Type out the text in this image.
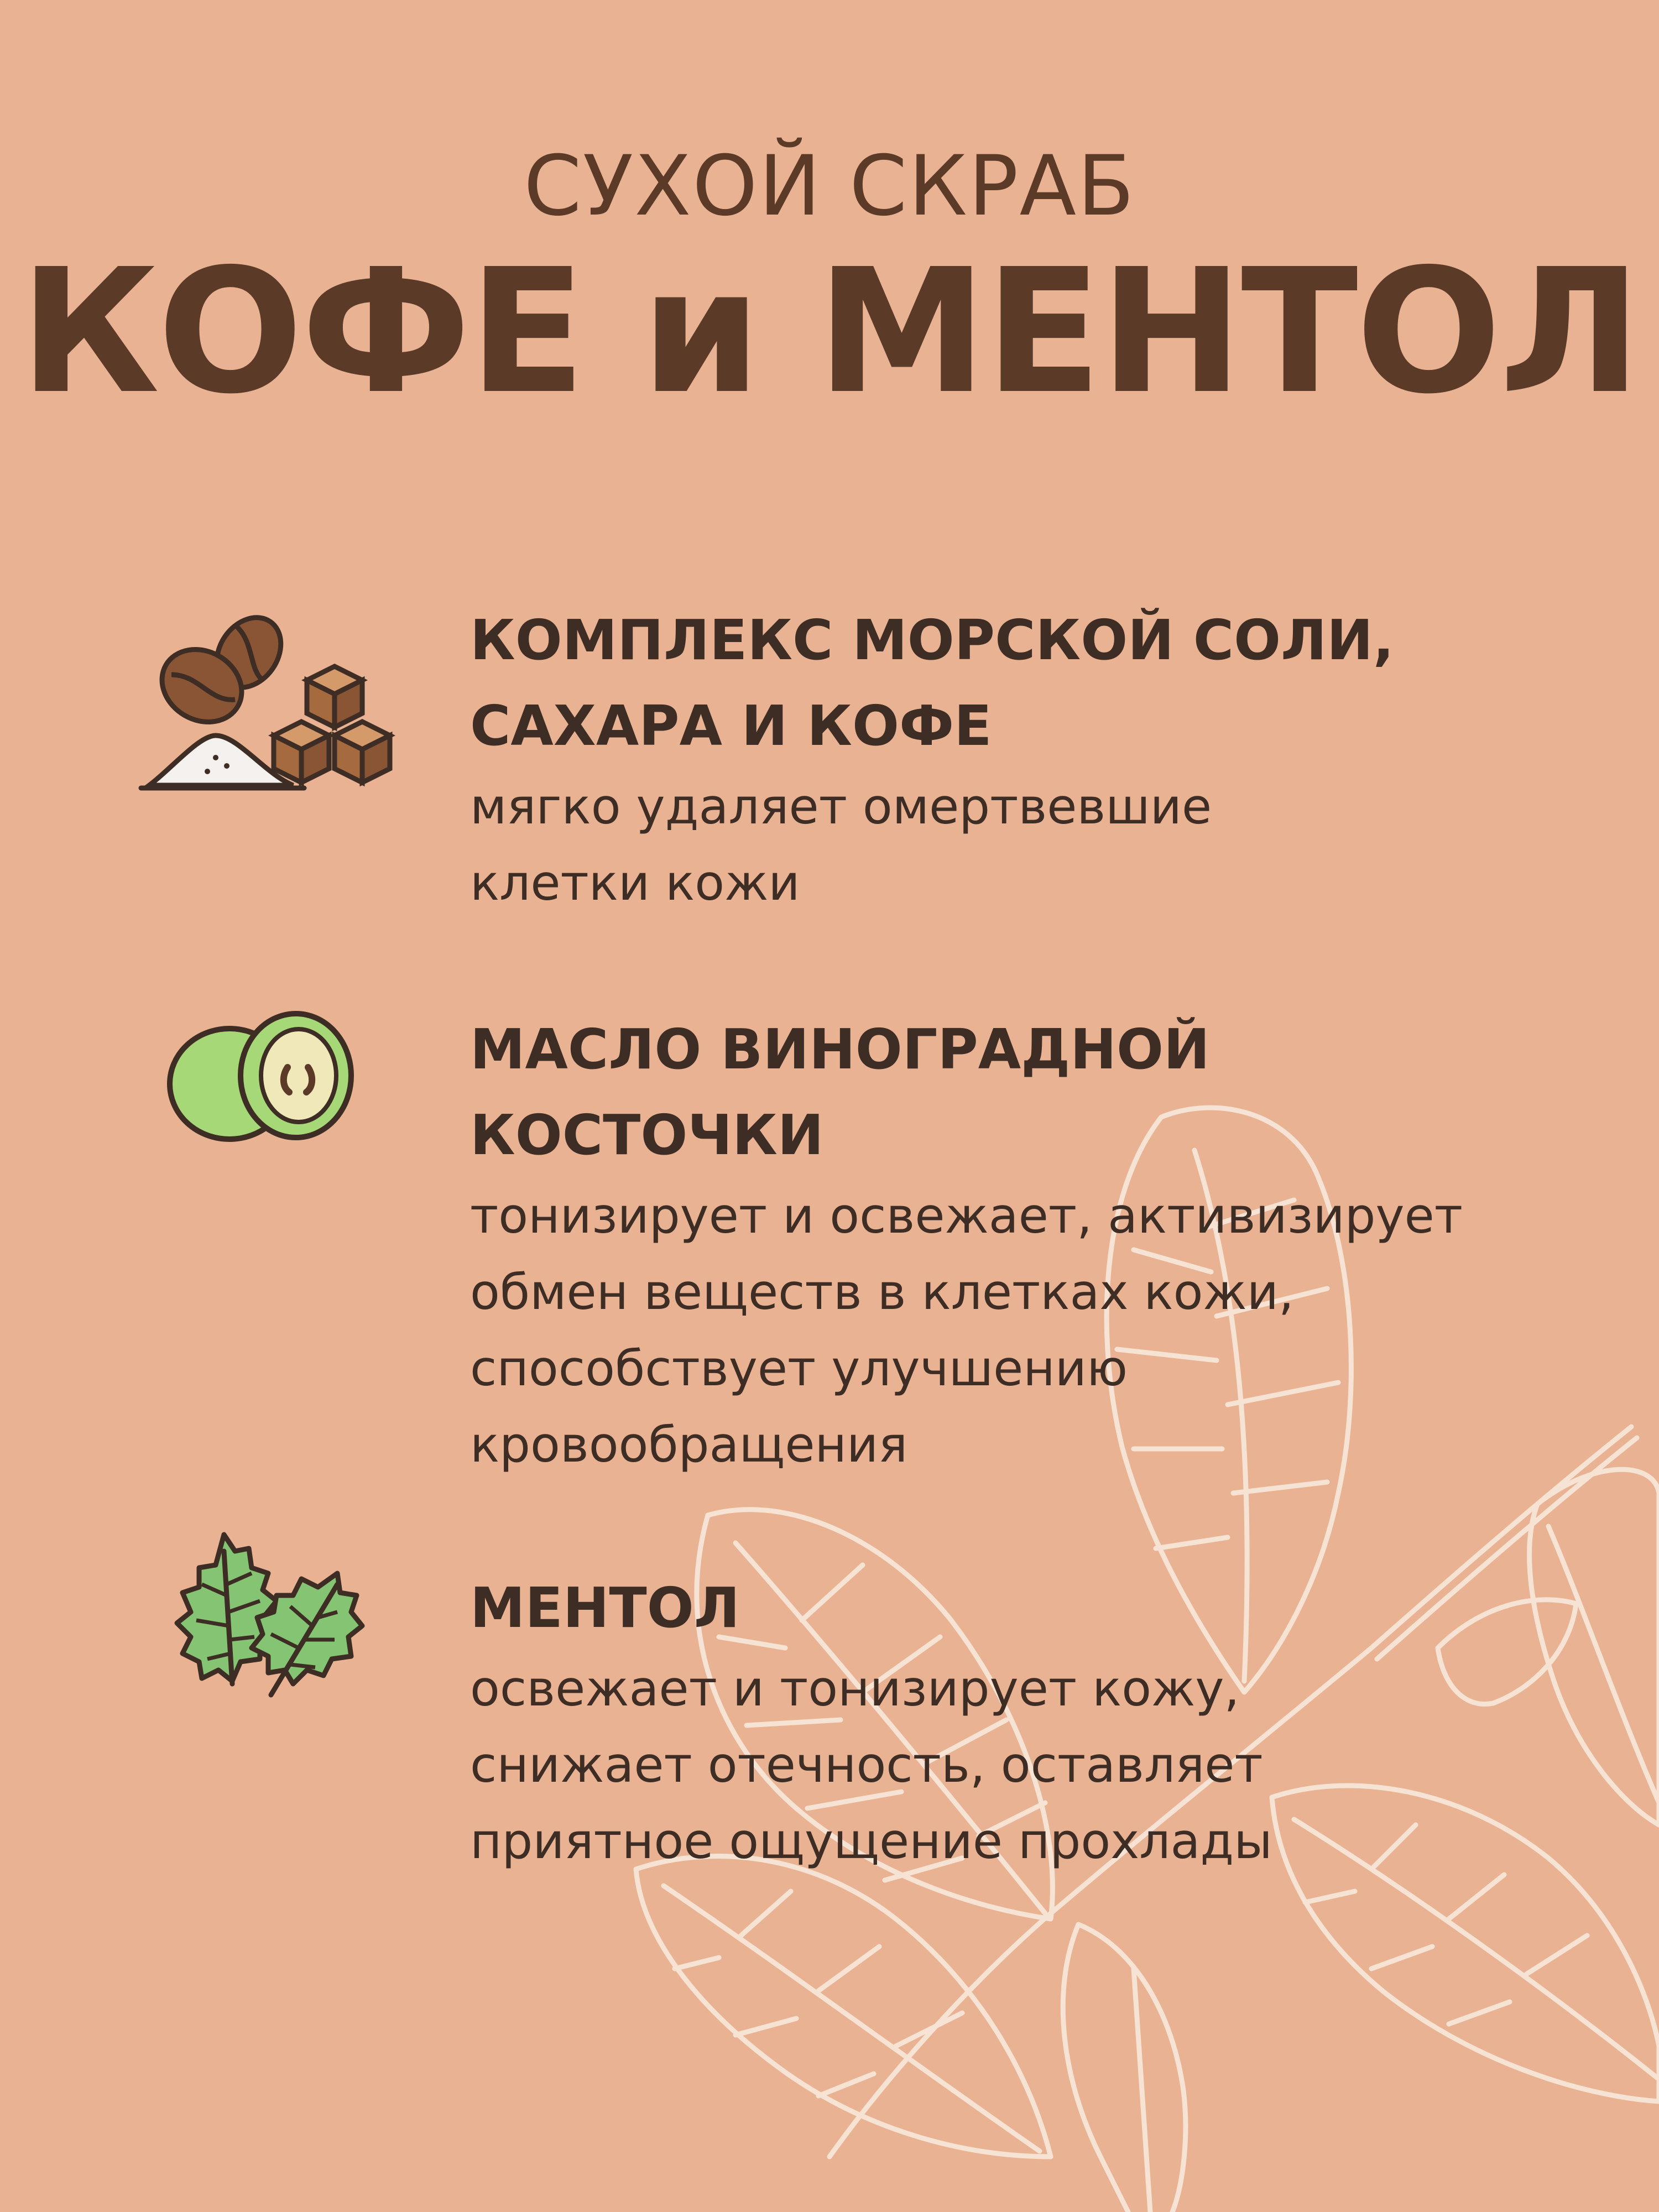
СУХОЙ СКРАБ
КОФЕ и МЕНТОЛ
КОМПЛЕКС МОРСКОЙ СОЛИ,
САХАРА И КОФЕ
мягко удаляет омертвевшие
клетки кожи
МАСЛО ВИНОГРАДНОЙ
КОСТОЧКИ
тонизирует и освежает, активизирует
обмен веществ в клетках кожи,
способствует улучшению
кровообращения
МЕНТОЛ
освежает и тонизирует кожу,
снижает отечность, оставляет
приятное ощущение прохлады
